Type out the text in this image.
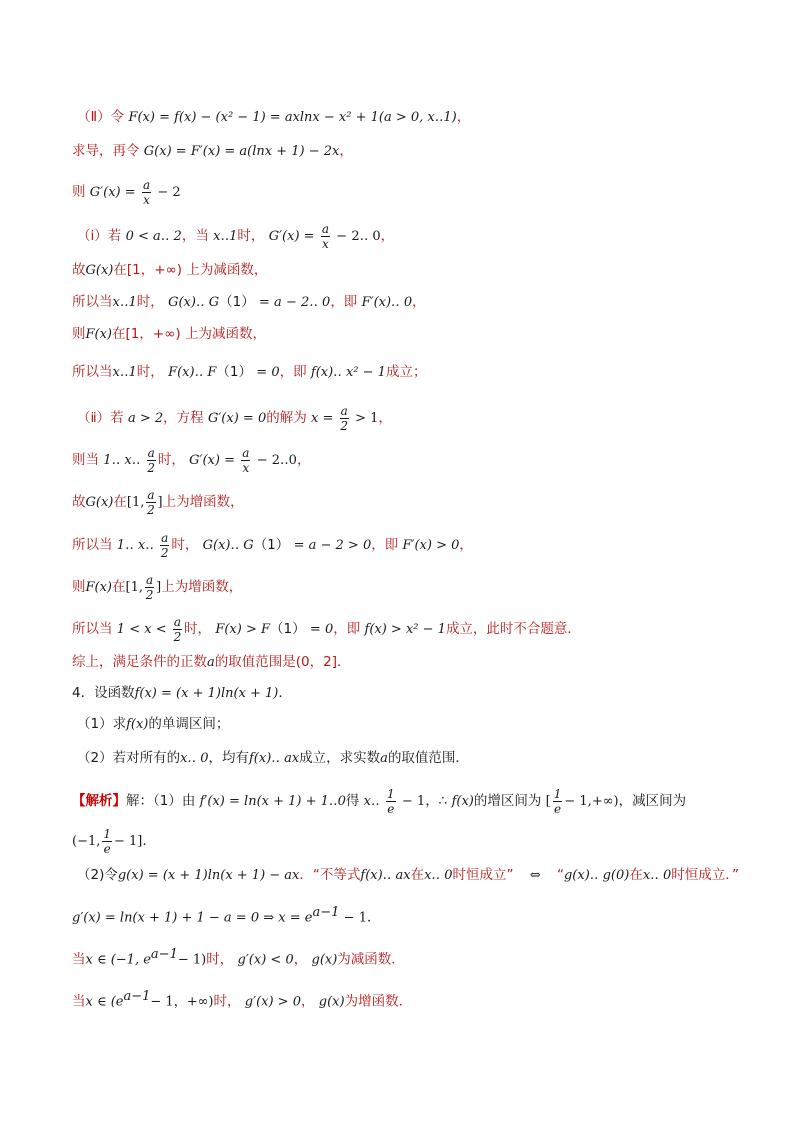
（Ⅱ）令 F(x) = f(x) − (x² − 1) = axlnx − x² + 1(a > 0, x‥1)，
求导，再令 G(x) = F′(x) = a(lnx + 1) − 2x，
则 $G'(x) = \frac{a}{x} - 2$
（ⅰ）若 0 < a‥ 2，当 x‥1时， $G'(x) = \frac{a}{x}$ − 2‥ 0，
故G(x)在[1，+∞) 上为减函数，
所以当x‥1时， G(x)‥ G（1） = a − 2‥ 0，即 F′(x)‥ 0，
则F(x)在[1，+∞) 上为减函数，
所以当x‥1时， F(x)‥ F（1） = 0，即 f(x)‥ x² − 1成立；
（ⅱ）若 a > 2，方程 G′(x) = 0的解为 $x = \frac{a}{2} > 1$，
则当 1‥ x‥ $\frac{a}{2}$ 时， $G'(x) = \frac{a}{x}$ − 2‥0，
故G(x)在[1, $\frac{a}{2}$ ]上为增函数，
所以当 1‥ x‥ $\frac{a}{2}$ 时， G(x)‥ G（1） = a − 2 > 0，即 F′(x) > 0，
则F(x)在[1, $\frac{a}{2}$ ]上为增函数，
所以当 $1 < x < \frac{a}{2}$ 时， F(x) > F（1） = 0，即 f(x) > x² − 1成立，此时不合题意．
综上，满足条件的正数a的取值范围是(0，2]．
4．设函数f(x) = (x + 1)ln(x + 1)．
（1）求f(x)的单调区间；
（2）若对所有的x‥ 0，均有f(x)‥ ax成立，求实数a的取值范围．
【解析】解：（1）由 f′(x) = ln(x + 1) + 1‥0得 x‥ $\frac{1}{e} - 1$，∴ f(x)的增区间为 [ $\frac{1}{e} - 1,+\infty$)，减区间为
(−1, $\frac{1}{e} - 1$]．
（2)令g(x) = (x + 1)ln(x + 1) − ax．“不等式f(x)‥ ax在x‥ 0时恒成立” ⇔ “g(x)‥ g(0)在x‥ 0时恒成立．”
g′(x) = ln(x + 1) + 1 − a = 0 ⇒ $x = e^{a-1} - 1$．
当x ∈ (−1, $e^{a-1}- 1$)时， g′(x) < 0， g(x)为减函数．
当x ∈ ($e^{a-1}- 1$，+∞)时， g′(x) > 0， g(x)为增函数．
